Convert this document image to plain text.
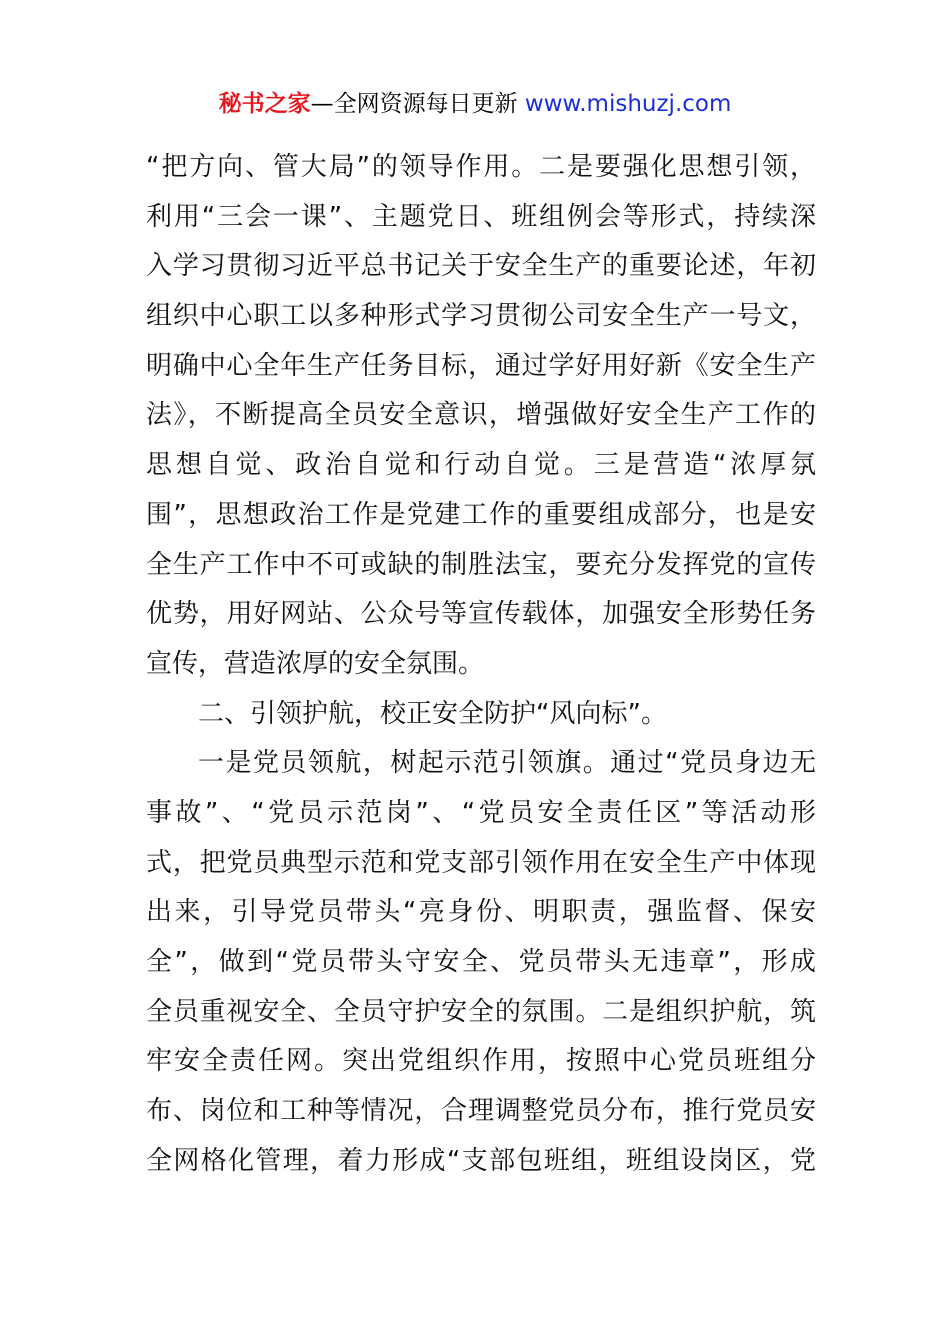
秘书之家—全网资源每日更新 www.mishuzj.com
“把方向、管大局”的领导作用。二是要强化思想引领，
利用“三会一课”、主题党日、班组例会等形式，持续深
入学习贯彻习近平总书记关于安全生产的重要论述，年初
组织中心职工以多种形式学习贯彻公司安全生产一号文，
明确中心全年生产任务目标，通过学好用好新《安全生产
法》，不断提高全员安全意识，增强做好安全生产工作的
思想自觉、政治自觉和行动自觉。三是营造“浓厚氛
围”，思想政治工作是党建工作的重要组成部分，也是安
全生产工作中不可或缺的制胜法宝，要充分发挥党的宣传
优势，用好网站、公众号等宣传载体，加强安全形势任务
宣传，营造浓厚的安全氛围。
二、引领护航，校正安全防护“风向标”。
一是党员领航，树起示范引领旗。通过“党员身边无
事故”、“党员示范岗”、“党员安全责任区”等活动形
式，把党员典型示范和党支部引领作用在安全生产中体现
出来，引导党员带头“亮身份、明职责，强监督、保安
全”，做到“党员带头守安全、党员带头无违章”，形成
全员重视安全、全员守护安全的氛围。二是组织护航，筑
牢安全责任网。突出党组织作用，按照中心党员班组分
布、岗位和工种等情况，合理调整党员分布，推行党员安
全网格化管理，着力形成“支部包班组，班组设岗区，党
